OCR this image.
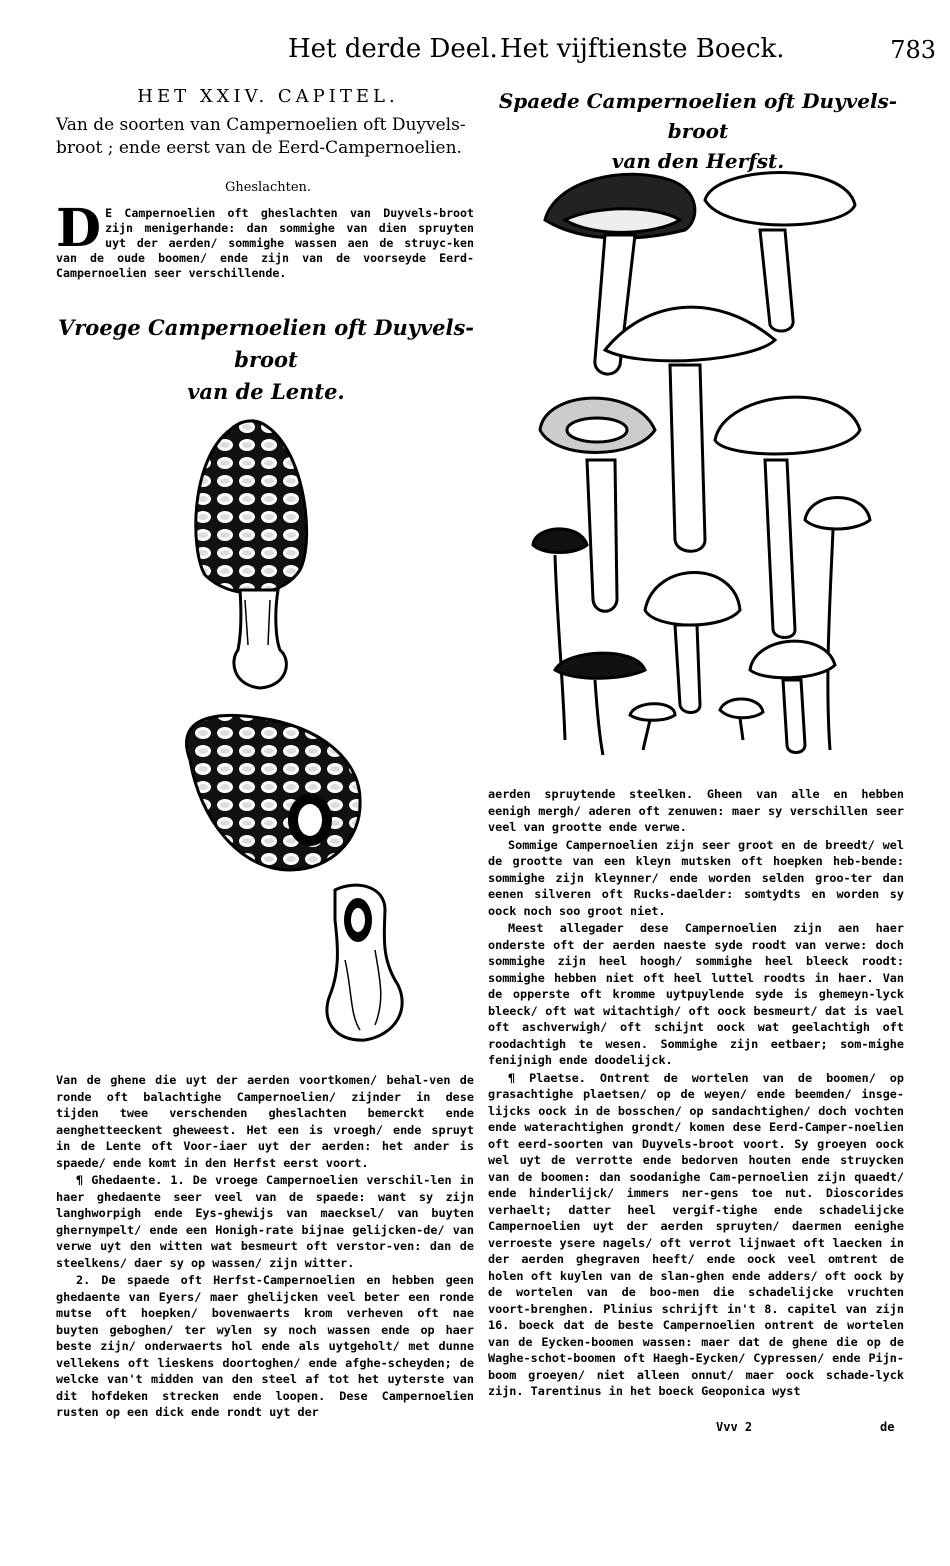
Het derde Deel. Het vijftienste Boeck.	783
HET XXIV. CAPITEL.
Van de soorten van Campernoelien oft Duyvels-broot ; ende eerst van de Eerd-Campernoelien.
Gheslachten.
D E Campernoelien oft gheslachten van Duyvels-broot zijn menigerhande: dan sommighe van dien spruyten uyt der aerden/ sommighe wassen aen de struyc-ken van de oude boomen/ ende zijn van de voorseyde Eerd-Campernoelien seer verschillende.
Vroege Campernoelien oft Duyvels-broot
van de Lente.
Spaede Campernoelien oft Duyvels-broot
van den Herfst.

Van de ghene die uyt der aerden voortkomen/ behal-ven de ronde oft balachtighe Campernoelien/ zijnder in dese tijden twee verschenden gheslachten bemerckt ende aenghetteeckent gheweest. Het een is vroegh/ ende spruyt in de Lente oft Voor-iaer uyt der aerden: het ander is spaede/ ende komt in den Herfst eerst voort.

¶ Ghedaente. 1. De vroege Campernoelien verschil-len in haer ghedaente seer veel van de spaede: want sy zijn langhworpigh ende Eys-ghewijs van maecksel/ van buyten ghernympelt/ ende een Honigh-rate bijnae gelijcken-de/ van verwe uyt den witten wat besmeurt oft verstor-ven: dan de steelkens/ daer sy op wassen/ zijn witter.

2. De spaede oft Herfst-Campernoelien en hebben geen ghedaente van Eyers/ maer ghelijcken veel beter een ronde mutse oft hoepken/ bovenwaerts krom verheven oft nae buyten geboghen/ ter wylen sy noch wassen ende op haer beste zijn/ onderwaerts hol ende als uytgeholt/ met dunne vellekens oft lieskens doortoghen/ ende afghe-scheyden; de welcke van't midden van den steel af tot het uyterste van dit hofdeken strecken ende loopen. Dese Campernoelien rusten op een dick ende rondt uyt der

aerden spruytende steelken. Gheen van alle en hebben eenigh mergh/ aderen oft zenuwen: maer sy verschillen seer veel van grootte ende verwe.

Sommige Campernoelien zijn seer groot en de breedt/ wel de grootte van een kleyn mutsken oft hoepken heb-bende: sommighe zijn kleynner/ ende worden selden groo-ter dan eenen silveren oft Rucks-daelder: somtydts en worden sy oock noch soo groot niet.

Meest allegader dese Campernoelien zijn aen haer onderste oft der aerden naeste syde roodt van verwe: doch sommighe zijn heel hoogh/ sommighe heel bleeck roodt: sommighe hebben niet oft heel luttel roodts in haer. Van de opperste oft kromme uytpuylende syde is ghemeyn-lyck bleeck/ oft wat witachtigh/ oft oock besmeurt/ dat is vael oft aschverwigh/ oft schijnt oock wat geelachtigh oft roodachtigh te wesen. Sommighe zijn eetbaer; som-mighe fenijnigh ende doodelijck.

¶ Plaetse. Ontrent de wortelen van de boomen/ op grasachtighe plaetsen/ op de weyen/ ende beemden/ insge-lijcks oock in de bosschen/ op sandachtighen/ doch vochten ende waterachtighen grondt/ komen dese Eerd-Camper-noelien oft eerd-soorten van Duyvels-broot voort. Sy groeyen oock wel uyt de verrotte ende bedorven houten ende struycken van de boomen: dan soodanighe Cam-pernoelien zijn quaedt/ ende hinderlijck/ immers ner-gens toe nut. Dioscorides verhaelt; datter heel vergif-tighe ende schadelijcke Campernoelien uyt der aerden spruyten/ daermen eenighe verroeste ysere nagels/ oft verrot lijnwaet oft laecken in der aerden ghegraven heeft/ ende oock veel omtrent de holen oft kuylen van de slan-ghen ende adders/ oft oock by de wortelen van de boo-men die schadelijcke vruchten voort-brenghen. Plinius schrijft in't 8. capitel van zijn 16. boeck dat de beste Campernoelien ontrent de wortelen van de Eycken-boomen wassen: maer dat de ghene die op de Waghe-schot-boomen oft Haegh-Eycken/ Cypressen/ ende Pijn-boom groeyen/ niet alleen onnut/ maer oock schade-lyck zijn. Tarentinus in het boeck Geoponica wyst

Vvv 2	de
